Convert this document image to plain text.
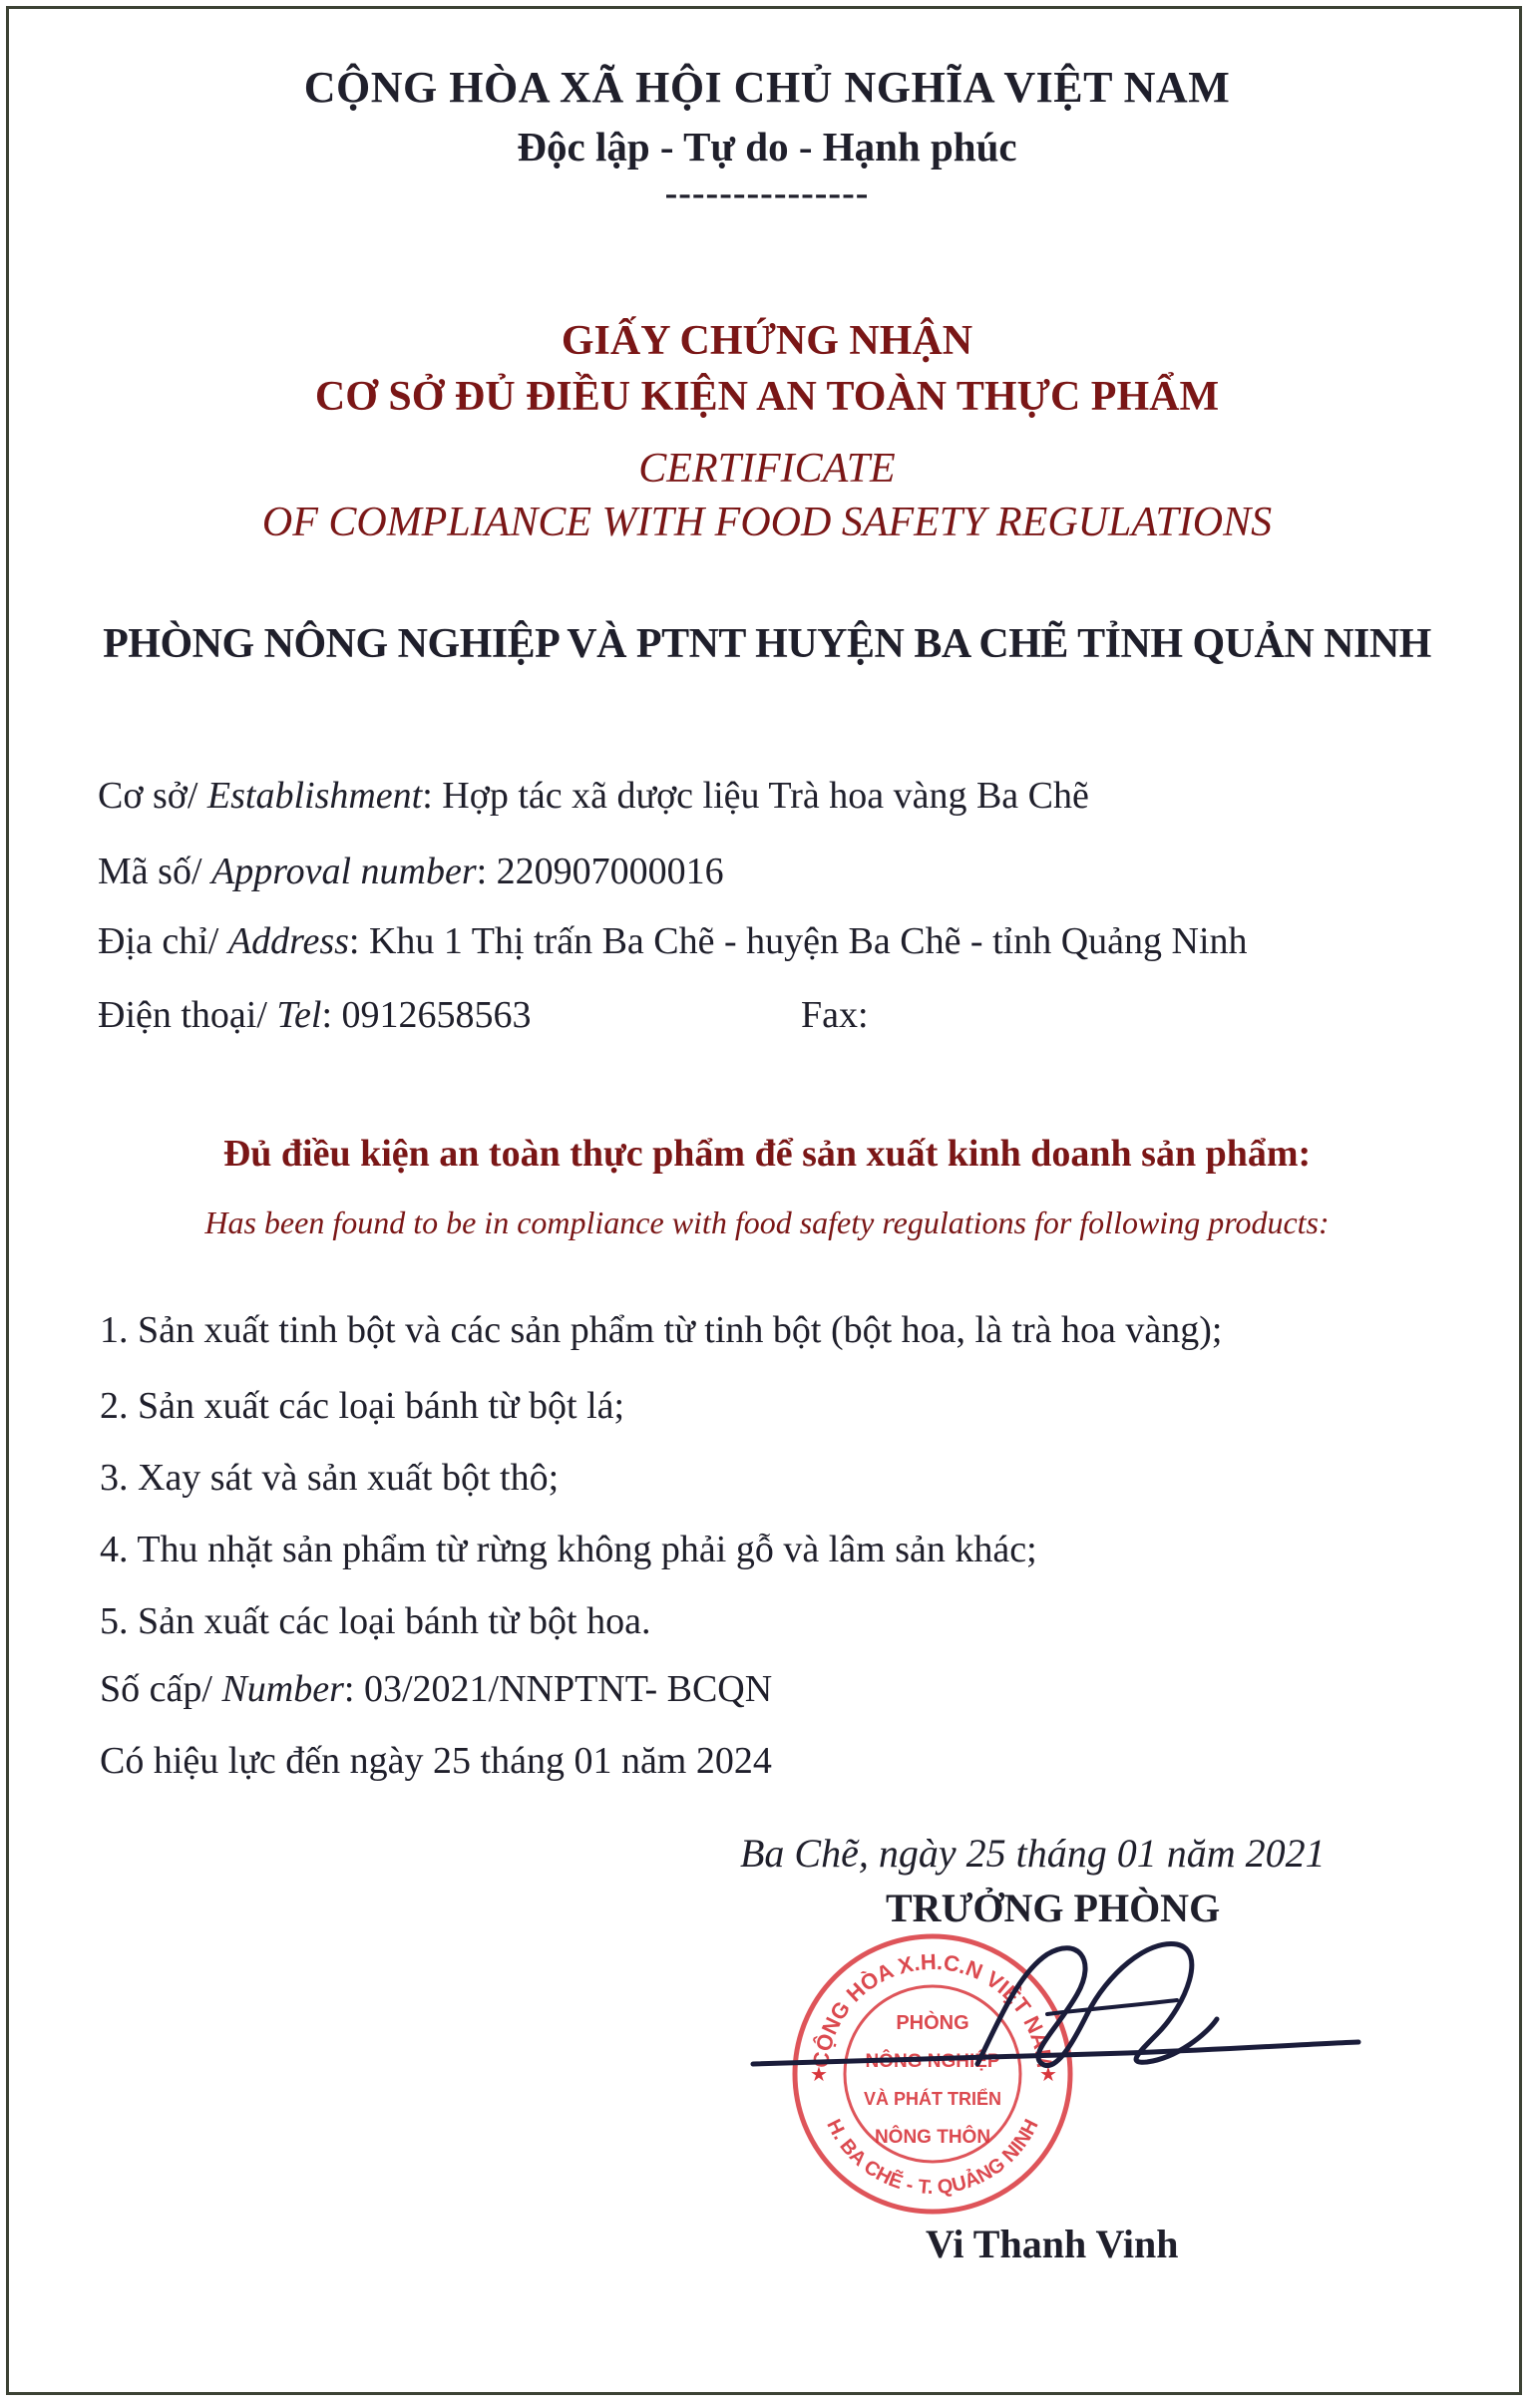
CỘNG HÒA XÃ HỘI CHỦ NGHĨA VIỆT NAM
Độc lập - Tự do - Hạnh phúc
---------------
GIẤY CHỨNG NHẬN
CƠ SỞ ĐỦ ĐIỀU KIỆN AN TOÀN THỰC PHẨM
CERTIFICATE
OF COMPLIANCE WITH FOOD SAFETY REGULATIONS
PHÒNG NÔNG NGHIỆP VÀ PTNT HUYỆN BA CHẼ TỈNH QUẢN NINH
Cơ sở/ Establishment: Hợp tác xã dược liệu Trà hoa vàng Ba Chẽ
Mã số/ Approval number: 220907000016
Địa chỉ/ Address: Khu 1 Thị trấn Ba Chẽ - huyện Ba Chẽ - tỉnh Quảng Ninh
Điện thoại/ Tel: 0912658563	Fax:
Đủ điều kiện an toàn thực phẩm để sản xuất kinh doanh sản phẩm:
Has been found to be in compliance with food safety regulations for following products:
1. Sản xuất tinh bột và các sản phẩm từ tinh bột (bột hoa, là trà hoa vàng);
2. Sản xuất các loại bánh từ bột lá;
3. Xay sát và sản xuất bột thô;
4. Thu nhặt sản phẩm từ rừng không phải gỗ và lâm sản khác;
5. Sản xuất các loại bánh từ bột hoa.
Số cấp/ Number: 03/2021/NNPTNT- BCQN
Có hiệu lực đến ngày 25 tháng 01 năm 2024
Ba Chẽ, ngày 25 tháng 01 năm 2021
TRƯỞNG PHÒNG
CỘNG HÒA X.H.C.N VIỆT NAM
H. BA CHẼ - T. QUẢNG NINH
★	★
PHÒNG
NÔNG NGHIỆP
VÀ PHÁT TRIỂN
NÔNG THÔN
Vi Thanh Vinh
